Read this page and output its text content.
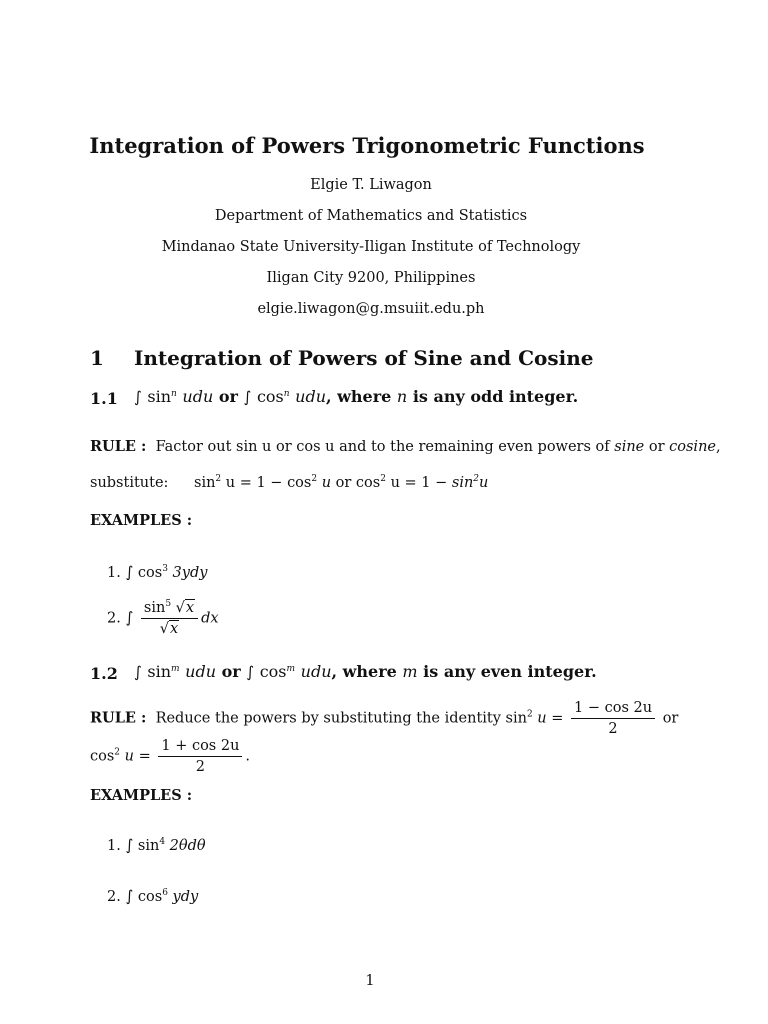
Integration of Powers Trigonometric Functions
Elgie T. Liwagon
Department of Mathematics and Statistics
Mindanao State University-Iligan Institute of Technology
Iligan City 9200, Philippines
elgie.liwagon@g.msuiit.edu.ph
1 Integration of Powers of Sine and Cosine
1.1 ∫ $\sin^n$ udu or ∫ $\cos^n$ udu, where n is any odd integer.
RULE : Factor out sin u or cos u and to the remaining even powers of sine or cosine,
substitute: $\sin^2 u = 1 - \cos^2 u$ or $\cos^2 u = 1 - \sin^2u$
EXAMPLES :
1. ∫ $\cos^3 3ydy$
2. ∫ $\frac{\sin^5 √x}{√x}$ dx
1.2 ∫ $\sin^m$ udu or ∫ $\cos^m$ udu, where m is any even integer.
RULE : Reduce the powers by substituting the identity $\sin^2 u = \frac{1 - \cos 2u}{2}$ or
$\cos^2 u = \frac{1 + \cos 2u}{2}$ .
EXAMPLES :
1. ∫ $\sin^4 2\theta d\theta$
2. ∫ $\cos^6$ ydy
1
